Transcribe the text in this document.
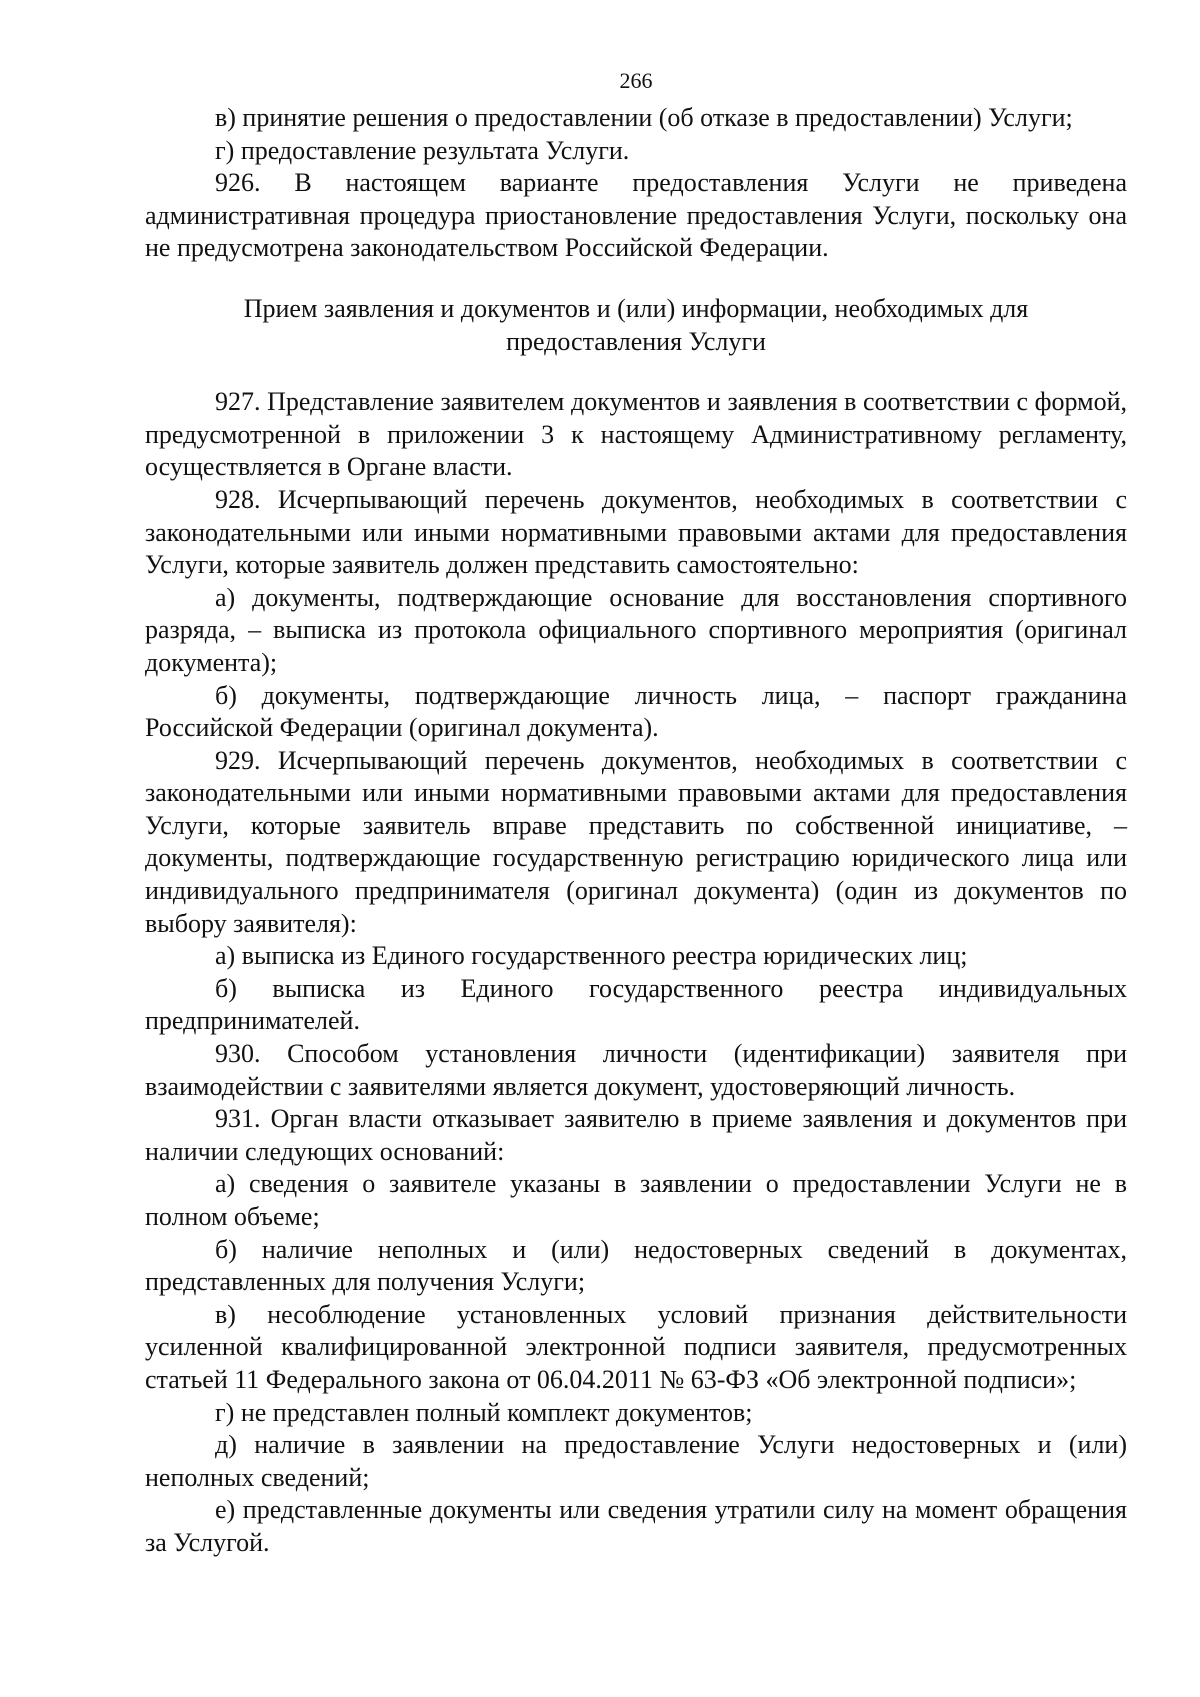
266

в) принятие решения о предоставлении (об отказе в предоставлении) Услуги;

г) предоставление результата Услуги.

926. В настоящем варианте предоставления Услуги не приведена административная процедура приостановление предоставления Услуги, поскольку она не предусмотрена законодательством Российской Федерации.

Прием заявления и документов и (или) информации, необходимых для
предоставления Услуги

927. Представление заявителем документов и заявления в соответствии с формой, предусмотренной в приложении 3 к настоящему Административному регламенту, осуществляется в Органе власти.

928. Исчерпывающий перечень документов, необходимых в соответствии с законодательными или иными нормативными правовыми актами для предоставления Услуги, которые заявитель должен представить самостоятельно:

а) документы, подтверждающие основание для восстановления спортивного разряда, – выписка из протокола официального спортивного мероприятия (оригинал документа);

б) документы, подтверждающие личность лица, – паспорт гражданина Российской Федерации (оригинал документа).

929. Исчерпывающий перечень документов, необходимых в соответствии с законодательными или иными нормативными правовыми актами для предоставления Услуги, которые заявитель вправе представить по собственной инициативе, – документы, подтверждающие государственную регистрацию юридического лица или индивидуального предпринимателя (оригинал документа) (один из документов по выбору заявителя):

а) выписка из Единого государственного реестра юридических лиц;

б) выписка из Единого государственного реестра индивидуальных предпринимателей.

930. Способом установления личности (идентификации) заявителя при взаимодействии с заявителями является документ, удостоверяющий личность.

931. Орган власти отказывает заявителю в приеме заявления и документов при наличии следующих оснований:

а) сведения о заявителе указаны в заявлении о предоставлении Услуги не в полном объеме;

б) наличие неполных и (или) недостоверных сведений в документах, представленных для получения Услуги;

в) несоблюдение установленных условий признания действительности усиленной квалифицированной электронной подписи заявителя, предусмотренных статьей 11 Федерального закона от 06.04.2011 № 63-ФЗ «Об электронной подписи»;

г) не представлен полный комплект документов;

д) наличие в заявлении на предоставление Услуги недостоверных и (или) неполных сведений;

е) представленные документы или сведения утратили силу на момент обращения за Услугой.
